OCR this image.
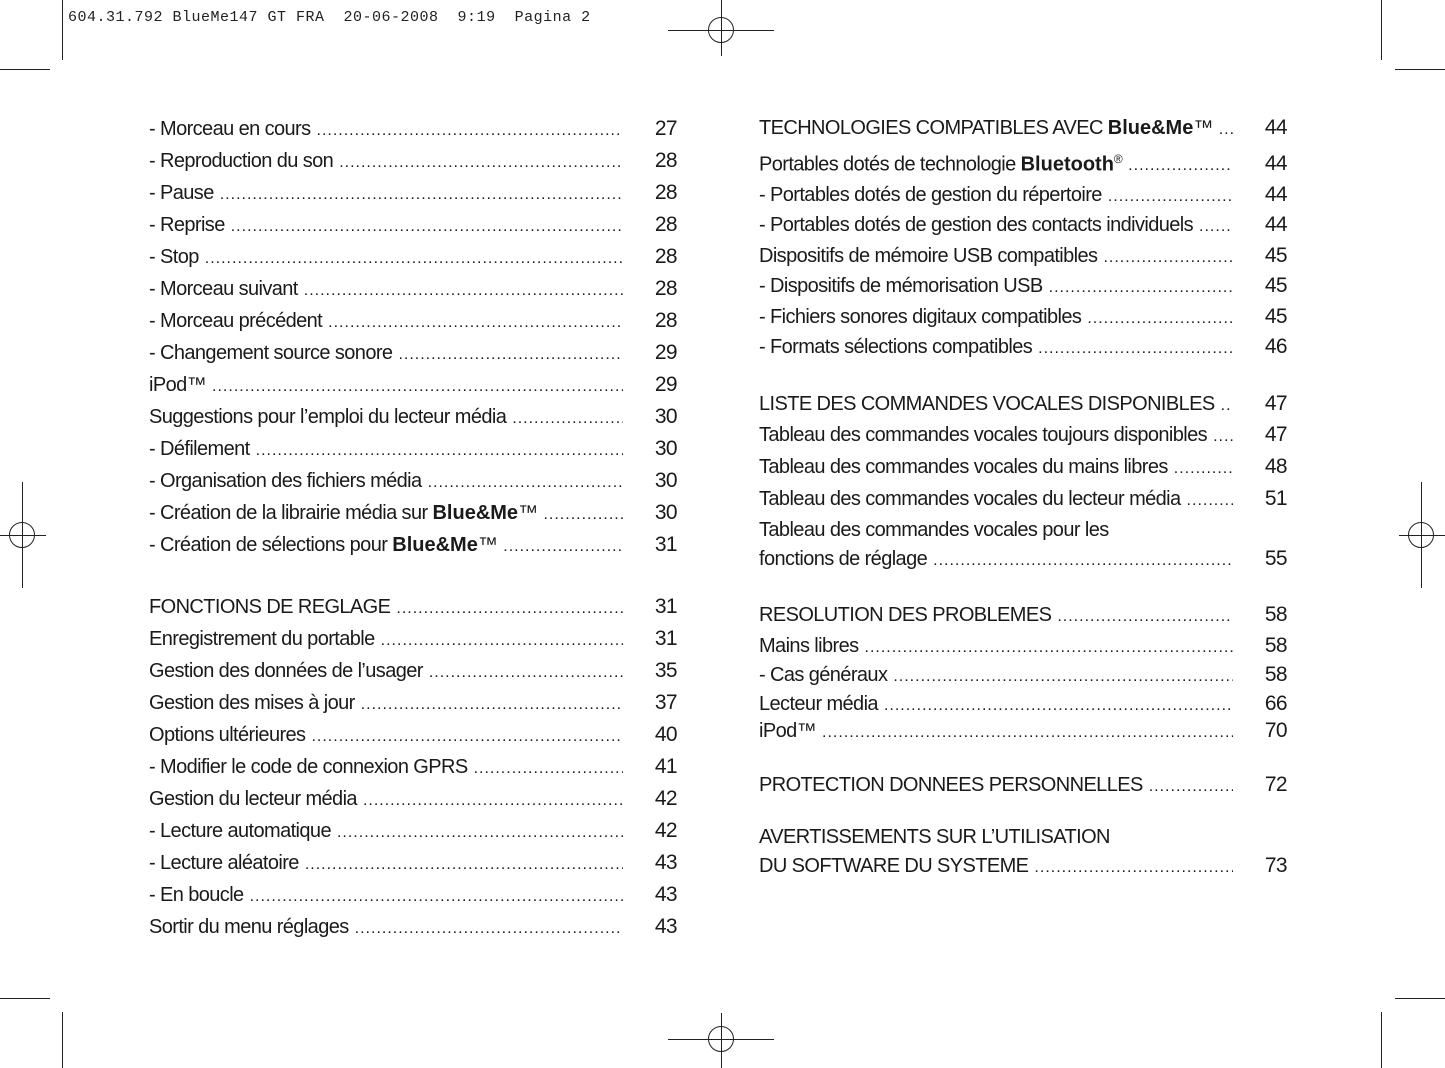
604.31.792 BlueMe147 GT FRA  20-06-2008  9:19  Pagina 2
- Morceau en cours .....	27
- Reproduction du son .....	28
- Pause .....	28
- Reprise .....	28
- Stop .....	28
- Morceau suivant .....	28
- Morceau précédent .....	28
- Changement source sonore .....	29
iPod™ .....	29
Suggestions pour l’emploi du lecteur média .....	30
- Défilement .....	30
- Organisation des fichiers média .....	30
- Création de la librairie média sur Blue&Me™ .....	30
- Création de sélections pour Blue&Me™ .....	31
FONCTIONS DE REGLAGE .....	31
Enregistrement du portable .....	31
Gestion des données de l’usager .....	35
Gestion des mises à jour .....	37
Options ultérieures .....	40
- Modifier le code de connexion GPRS .....	41
Gestion du lecteur média .....	42
- Lecture automatique .....	42
- Lecture aléatoire .....	43
- En boucle .....	43
Sortir du menu réglages .....	43
TECHNOLOGIES COMPATIBLES AVEC Blue&Me™ .....	44
Portables dotés de technologie Bluetooth® .....	44
- Portables dotés de gestion du répertoire .....	44
- Portables dotés de gestion des contacts individuels .....	44
Dispositifs de mémoire USB compatibles .....	45
- Dispositifs de mémorisation USB .....	45
- Fichiers sonores digitaux compatibles .....	45
- Formats sélections compatibles .....	46
LISTE DES COMMANDES VOCALES DISPONIBLES .....	47
Tableau des commandes vocales toujours disponibles .....	47
Tableau des commandes vocales du mains libres .....	48
Tableau des commandes vocales du lecteur média .....	51
Tableau des commandes vocales pour les
fonctions de réglage .....	55
RESOLUTION DES PROBLEMES .....	58
Mains libres .....	58
- Cas généraux .....	58
Lecteur média .....	66
iPod™ .....	70
PROTECTION DONNEES PERSONNELLES .....	72
AVERTISSEMENTS SUR L’UTILISATION
DU SOFTWARE DU SYSTEME .....	73
